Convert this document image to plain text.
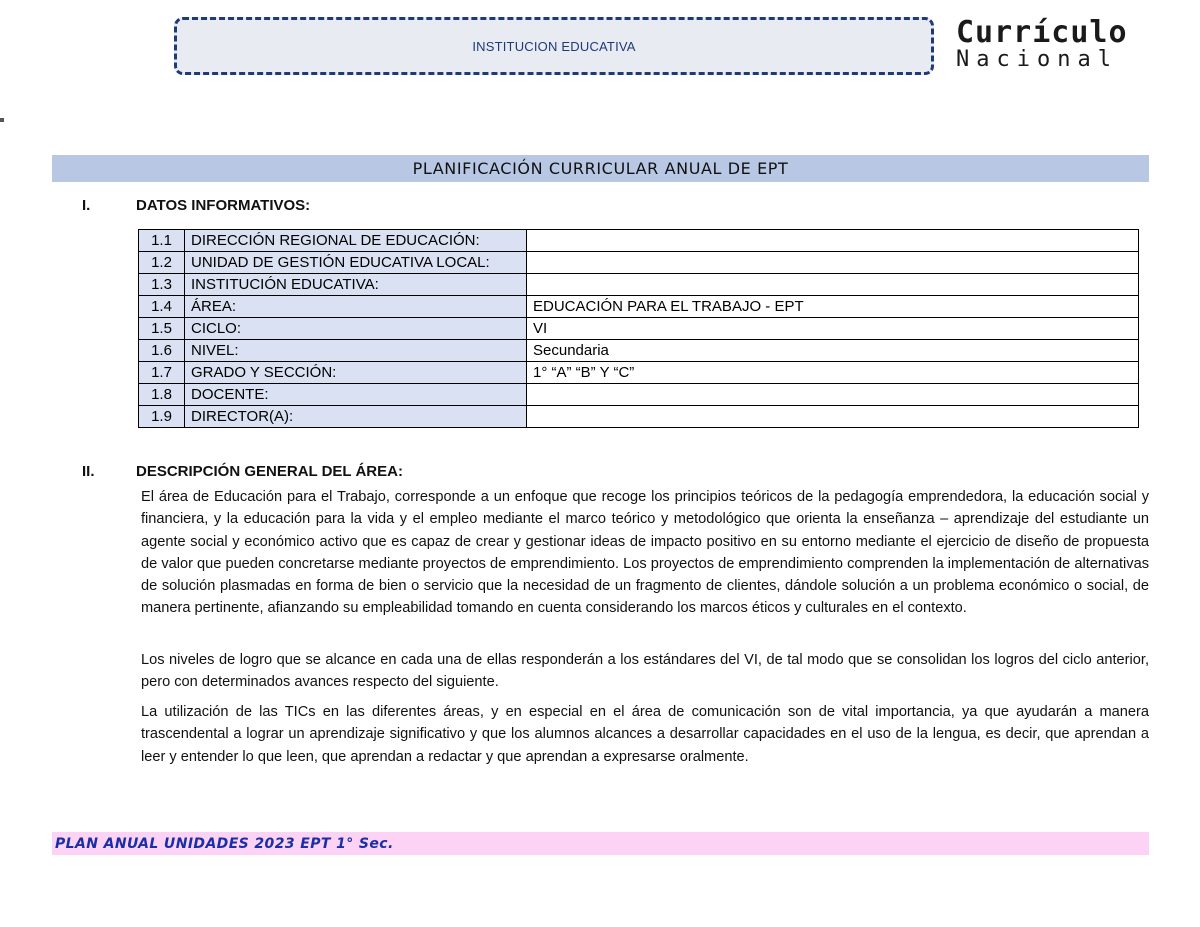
INSTITUCION EDUCATIVA	Currículo
Nacional
PLANIFICACIÓN CURRICULAR ANUAL DE EPT
I.	DATOS INFORMATIVOS:
1.1	DIRECCIÓN REGIONAL DE EDUCACIÓN:	
1.2	UNIDAD DE GESTIÓN EDUCATIVA LOCAL:	
1.3	INSTITUCIÓN EDUCATIVA:	
1.4	ÁREA:	EDUCACIÓN PARA EL TRABAJO - EPT
1.5	CICLO:	VI
1.6	NIVEL:	Secundaria
1.7	GRADO Y SECCIÓN:	1° “A” “B” Y “C”
1.8	DOCENTE:	
1.9	DIRECTOR(A):	
II.	DESCRIPCIÓN GENERAL DEL ÁREA:

El área de Educación para el Trabajo, corresponde a un enfoque que recoge los principios teóricos de la pedagogía emprendedora, la educación social y financiera, y la educación para la vida y el empleo mediante el marco teórico y metodológico que orienta la enseñanza – aprendizaje del estudiante un agente social y económico activo que es capaz de crear y gestionar ideas de impacto positivo en su entorno mediante el ejercicio de diseño de propuesta de valor que pueden concretarse mediante proyectos de emprendimiento. Los proyectos de emprendimiento comprenden la implementación de alternativas de solución plasmadas en forma de bien o servicio que la necesidad de un fragmento de clientes, dándole solución a un problema económico o social, de manera pertinente, afianzando su empleabilidad tomando en cuenta considerando los marcos éticos y culturales en el contexto.

Los niveles de logro que se alcance en cada una de ellas responderán a los estándares del VI, de tal modo que se consolidan los logros del ciclo anterior, pero con determinados avances respecto del siguiente.

La utilización de las TICs en las diferentes áreas, y en especial en el área de comunicación son de vital importancia, ya que ayudarán a manera trascendental a lograr un aprendizaje significativo y que los alumnos alcances a desarrollar capacidades en el uso de la lengua, es decir, que aprendan a leer y entender lo que leen, que aprendan a redactar y que aprendan a expresarse oralmente.

PLAN ANUAL UNIDADES 2023 EPT 1° Sec.
